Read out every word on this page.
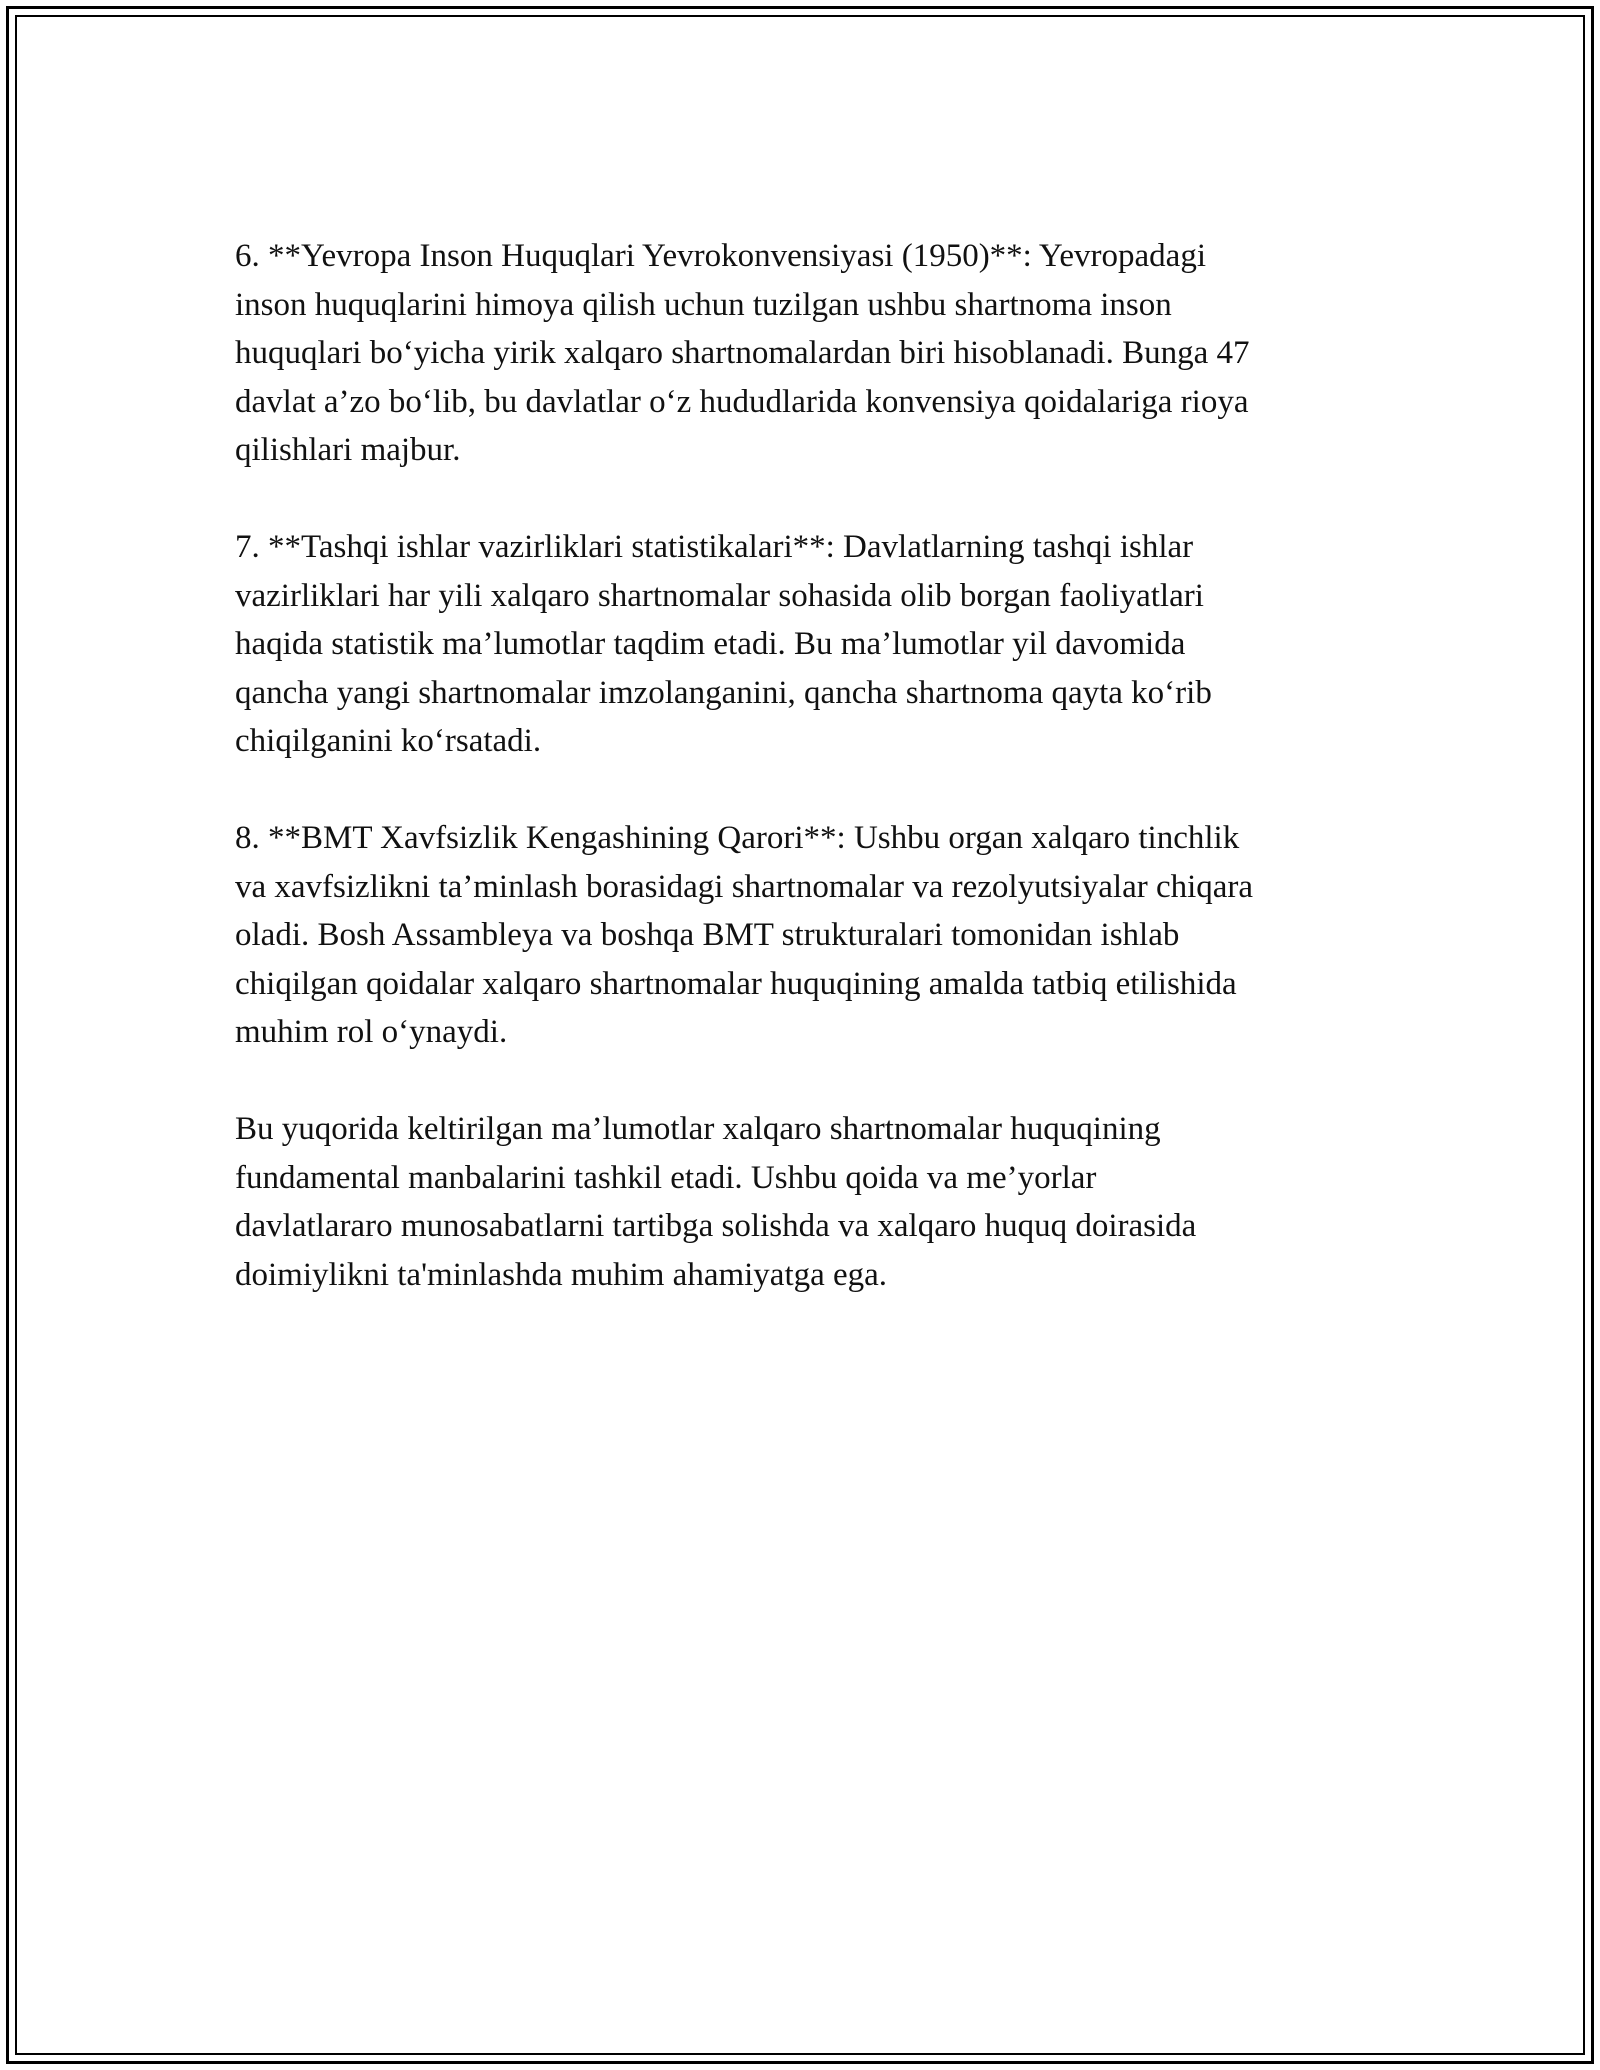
6. **Yevropa Inson Huquqlari Yevrokonvensiyasi (1950)**: Yevropadagi
inson huquqlarini himoya qilish uchun tuzilgan ushbu shartnoma inson
huquqlari bo‘yicha yirik xalqaro shartnomalardan biri hisoblanadi. Bunga 47
davlat a’zo bo‘lib, bu davlatlar o‘z hududlarida konvensiya qoidalariga rioya
qilishlari majbur.

7. **Tashqi ishlar vazirliklari statistikalari**: Davlatlarning tashqi ishlar
vazirliklari har yili xalqaro shartnomalar sohasida olib borgan faoliyatlari
haqida statistik ma’lumotlar taqdim etadi. Bu ma’lumotlar yil davomida
qancha yangi shartnomalar imzolanganini, qancha shartnoma qayta ko‘rib
chiqilganini ko‘rsatadi.

8. **BMT Xavfsizlik Kengashining Qarori**: Ushbu organ xalqaro tinchlik
va xavfsizlikni ta’minlash borasidagi shartnomalar va rezolyutsiyalar chiqara
oladi. Bosh Assambleya va boshqa BMT strukturalari tomonidan ishlab
chiqilgan qoidalar xalqaro shartnomalar huquqining amalda tatbiq etilishida
muhim rol o‘ynaydi.

Bu yuqorida keltirilgan ma’lumotlar xalqaro shartnomalar huquqining
fundamental manbalarini tashkil etadi. Ushbu qoida va me’yorlar
davlatlararo munosabatlarni tartibga solishda va xalqaro huquq doirasida
doimiylikni ta'minlashda muhim ahamiyatga ega.
